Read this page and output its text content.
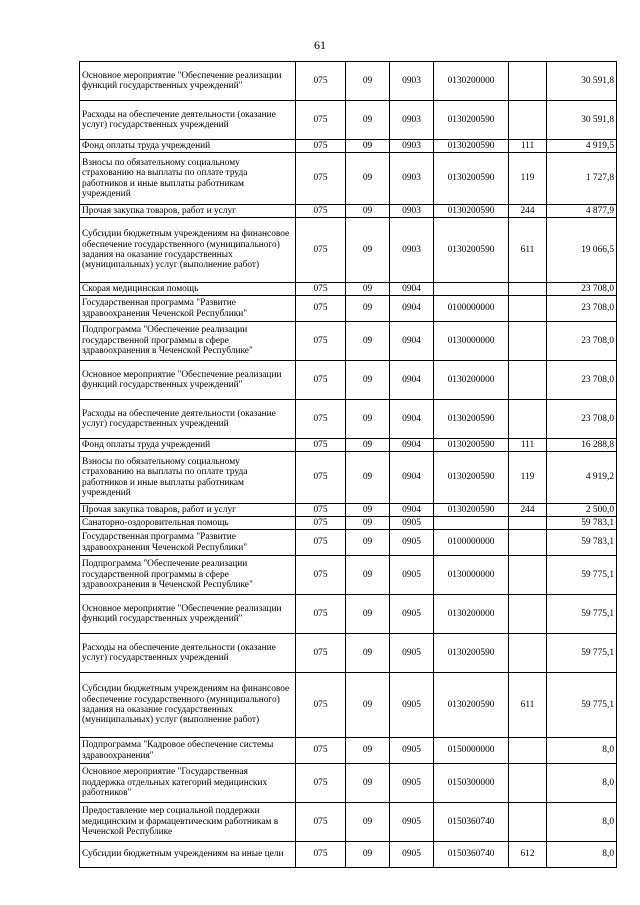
61
Основное мероприятие "Обеспечение реализации функций государственных учреждений"	075	09	0903	0130200000		30 591,8
Расходы на обеспечение деятельности (оказание услуг) государственных учреждений	075	09	0903	0130200590		30 591,8
Фонд оплаты труда учреждений	075	09	0903	0130200590	111	4 919,5
Взносы по обязательному социальному страхованию на выплаты по оплате труда работников и иные выплаты работникам учреждений	075	09	0903	0130200590	119	1 727,8
Прочая закупка товаров, работ и услуг	075	09	0903	0130200590	244	4 877,9
Субсидии бюджетным учреждениям на финансовое обеспечение государственного (муниципального) задания на оказание государственных (муниципальных) услуг (выполнение работ)	075	09	0903	0130200590	611	19 066,5
Скорая медицинская помощь	075	09	0904			23 708,0
Государственная программа "Развитие здравоохранения Чеченской Республики"	075	09	0904	0100000000		23 708,0
Подпрограмма "Обеспечение реализации государственной программы в сфере здравоохранения в Чеченской Республике"	075	09	0904	0130000000		23 708,0
Основное мероприятие "Обеспечение реализации функций государственных учреждений"	075	09	0904	0130200000		23 708,0
Расходы на обеспечение деятельности (оказание услуг) государственных учреждений	075	09	0904	0130200590		23 708,0
Фонд оплаты труда учреждений	075	09	0904	0130200590	111	16 288,8
Взносы по обязательному социальному страхованию на выплаты по оплате труда работников и иные выплаты работникам учреждений	075	09	0904	0130200590	119	4 919,2
Прочая закупка товаров, работ и услуг	075	09	0904	0130200590	244	2 500,0
Санаторно-оздоровительная помощь	075	09	0905			59 783,1
Государственная программа "Развитие здравоохранения Чеченской Республики"	075	09	0905	0100000000		59 783,1
Подпрограмма "Обеспечение реализации государственной программы в сфере здравоохранения в Чеченской Республике"	075	09	0905	0130000000		59 775,1
Основное мероприятие "Обеспечение реализации функций государственных учреждений"	075	09	0905	0130200000		59 775,1
Расходы на обеспечение деятельности (оказание услуг) государственных учреждений	075	09	0905	0130200590		59 775,1
Субсидии бюджетным учреждениям на финансовое обеспечение государственного (муниципального) задания на оказание государственных (муниципальных) услуг (выполнение работ)	075	09	0905	0130200590	611	59 775,1
Подпрограмма "Кадровое обеспечение системы здравоохранения"	075	09	0905	0150000000		8,0
Основное мероприятие "Государственная поддержка отдельных категорий медицинских работников"	075	09	0905	0150300000		8,0
Предоставление мер социальной поддержки медицинским и фармацевтическим работникам в Чеченской Республике	075	09	0905	0150360740		8,0
Субсидии бюджетным учреждениям на иные цели	075	09	0905	0150360740	612	8,0
